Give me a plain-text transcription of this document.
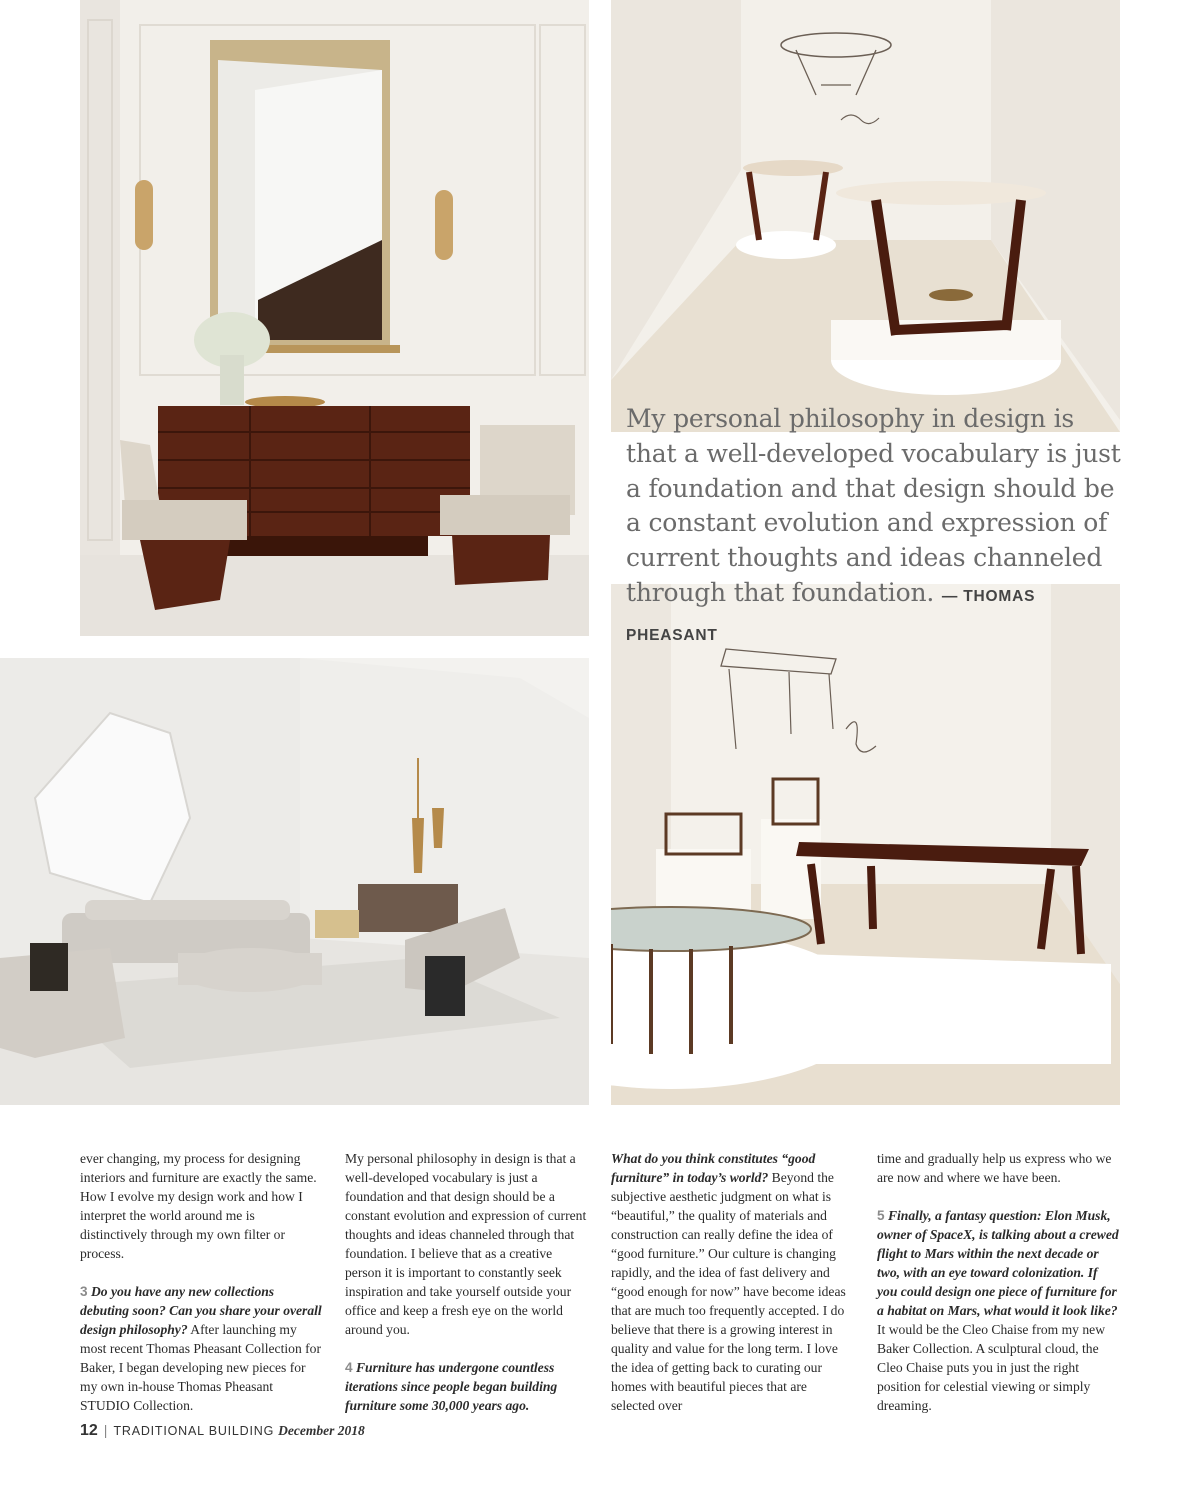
My personal philosophy in design is that a well-developed vocabulary is just a foundation and that design should be a constant evolution and expression of current thoughts and ideas channeled through that foundation. — THOMAS PHEASANT

ever changing, my process for designing interiors and furniture are exactly the same. How I evolve my design work and how I interpret the world around me is distinctively through my own filter or process.

3 Do you have any new collections debuting soon? Can you share your overall design philosophy? After launching my most recent Thomas Pheasant Collection for Baker, I began developing new pieces for my own in-house Thomas Pheasant STUDIO Collection.

My personal philosophy in design is that a well-developed vocabulary is just a foundation and that design should be a constant evolution and expression of current thoughts and ideas channeled through that foundation. I believe that as a creative person it is important to constantly seek inspiration and take yourself outside your office and keep a fresh eye on the world around you.

4 Furniture has undergone countless iterations since people began building furniture some 30,000 years ago.

What do you think constitutes “good furniture” in today’s world? Beyond the subjective aesthetic judgment on what is “beautiful,” the quality of materials and construction can really define the idea of “good furniture.” Our culture is changing rapidly, and the idea of fast delivery and “good enough for now” have become ideas that are much too frequently accepted. I do believe that there is a growing interest in quality and value for the long term. I love the idea of getting back to curating our homes with beautiful pieces that are selected over

time and gradually help us express who we are now and where we have been.

5 Finally, a fantasy question: Elon Musk, owner of SpaceX, is talking about a crewed flight to Mars within the next decade or two, with an eye toward colonization. If you could design one piece of furniture for a habitat on Mars, what would it look like? It would be the Cleo Chaise from my new Baker Collection. A sculptural cloud, the Cleo Chaise puts you in just the right position for celestial viewing or simply dreaming.

12 | TRADITIONAL BUILDING December 2018
